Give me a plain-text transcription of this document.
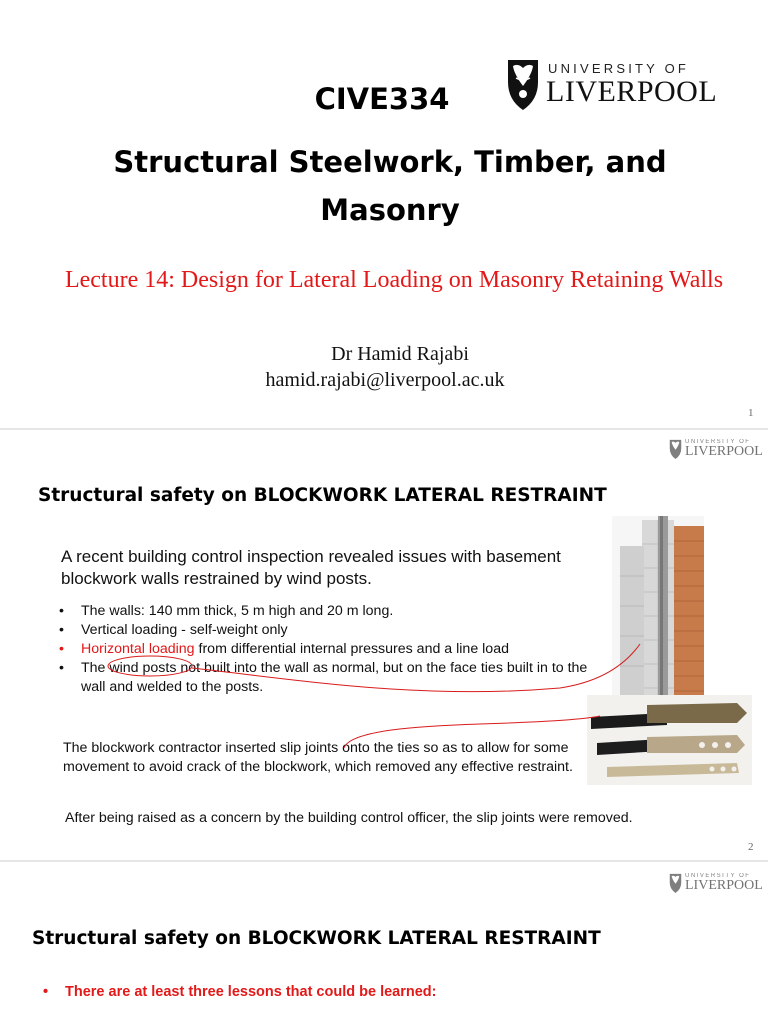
UNIVERSITY OF
LIVERPOOL
CIVE334
Structural Steelwork, Timber, and Masonry
Lecture 14: Design for Lateral Loading on Masonry Retaining Walls
Dr Hamid Rajabi
hamid.rajabi@liverpool.ac.uk
1
UNIVERSITY OF
LIVERPOOL
Structural safety on BLOCKWORK LATERAL RESTRAINT
A recent building control inspection revealed issues with basement blockwork walls restrained by wind posts.
• The walls: 140 mm thick, 5 m high and 20 m long.
• Vertical loading - self-weight only
• Horizontal loading from differential internal pressures and a line load
• The wind posts not built into the wall as normal, but on the face ties built in to the wall and welded to the posts.
The blockwork contractor inserted slip joints onto the ties so as to allow for some movement to avoid crack of the blockwork, which removed any effective restraint.
After being raised as a concern by the building control officer, the slip joints were removed.
2
UNIVERSITY OF
LIVERPOOL
Structural safety on BLOCKWORK LATERAL RESTRAINT
• There are at least three lessons that could be learned:
